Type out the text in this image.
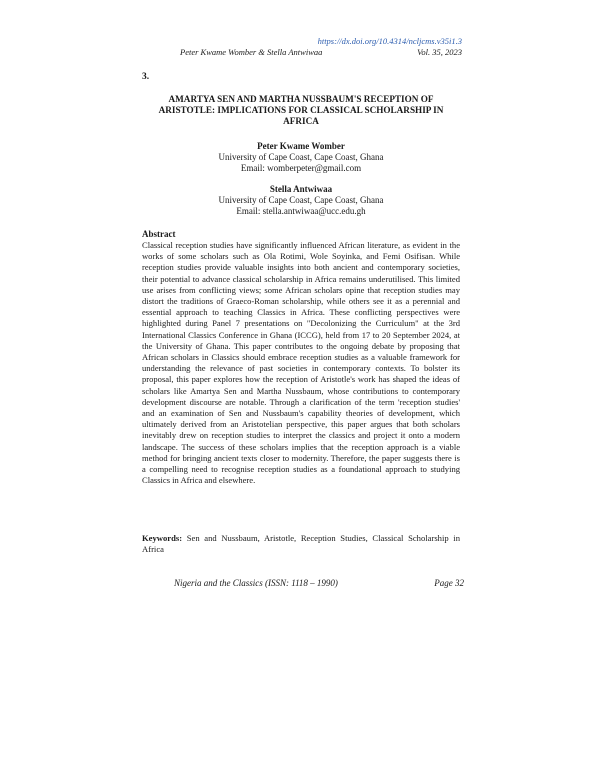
https://dx.doi.org/10.4314/ncljcms.v35i1.3
Peter Kwame Womber & Stella Antwiwaa	Vol. 35, 2023
3.
AMARTYA SEN AND MARTHA NUSSBAUM'S RECEPTION OF ARISTOTLE: IMPLICATIONS FOR CLASSICAL SCHOLARSHIP IN AFRICA
Peter Kwame Womber
University of Cape Coast, Cape Coast, Ghana
Email: womberpeter@gmail.com
Stella Antwiwaa
University of Cape Coast, Cape Coast, Ghana
Email: stella.antwiwaa@ucc.edu.gh
Abstract

Classical reception studies have significantly influenced African literature, as evident in the works of some scholars such as Ola Rotimi, Wole Soyinka, and Femi Osifisan. While reception studies provide valuable insights into both ancient and contemporary societies, their potential to advance classical scholarship in Africa remains underutilised. This limited use arises from conflicting views; some African scholars opine that reception studies may distort the traditions of Graeco-Roman scholarship, while others see it as a perennial and essential approach to teaching Classics in Africa. These conflicting perspectives were highlighted during Panel 7 presentations on "Decolonizing the Curriculum" at the 3rd International Classics Conference in Ghana (ICCG), held from 17 to 20 September 2024, at the University of Ghana. This paper contributes to the ongoing debate by proposing that African scholars in Classics should embrace reception studies as a valuable framework for understanding the relevance of past societies in contemporary contexts. To bolster its proposal, this paper explores how the reception of Aristotle's work has shaped the ideas of scholars like Amartya Sen and Martha Nussbaum, whose contributions to contemporary development discourse are notable. Through a clarification of the term 'reception studies' and an examination of Sen and Nussbaum's capability theories of development, which ultimately derived from an Aristotelian perspective, this paper argues that both scholars inevitably drew on reception studies to interpret the classics and project it onto a modern landscape. The success of these scholars implies that the reception approach is a viable method for bringing ancient texts closer to modernity. Therefore, the paper suggests there is a compelling need to recognise reception studies as a foundational approach to studying Classics in Africa and elsewhere.

Keywords: Sen and Nussbaum, Aristotle, Reception Studies, Classical Scholarship in Africa

Nigeria and the Classics (ISSN: 1118 – 1990)	Page 32
